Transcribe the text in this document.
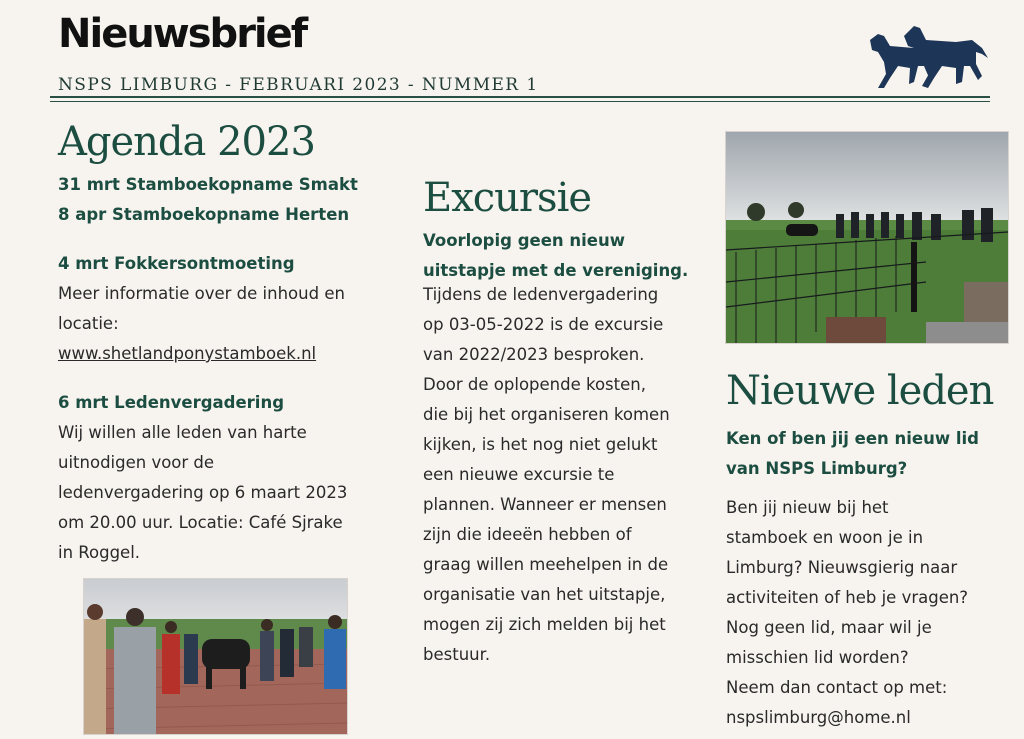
Nieuwsbrief
NSPS LIMBURG - FEBRUARI 2023 - NUMMER 1
Agenda 2023
31 mrt Stamboekopname Smakt
8 apr Stamboekopname Herten
4 mrt Fokkersontmoeting
Meer informatie over de inhoud en
locatie:
www.shetlandponystamboek.nl
6 mrt Ledenvergadering
Wij willen alle leden van harte
uitnodigen voor de
ledenvergadering op 6 maart 2023
om 20.00 uur. Locatie: Café Sjrake
in Roggel.
Excursie
Voorlopig geen nieuw
uitstapje met de vereniging.
Tijdens de ledenvergadering
op 03-05-2022 is de excursie
van 2022/2023 besproken.
Door de oplopende kosten,
die bij het organiseren komen
kijken, is het nog niet gelukt
een nieuwe excursie te
plannen. Wanneer er mensen
zijn die ideeën hebben of
graag willen meehelpen in de
organisatie van het uitstapje,
mogen zij zich melden bij het
bestuur.
Nieuwe leden
Ken of ben jij een nieuw lid
van NSPS Limburg?
Ben jij nieuw bij het
stamboek en woon je in
Limburg? Nieuwsgierig naar
activiteiten of heb je vragen?
Nog geen lid, maar wil je
misschien lid worden?
Neem dan contact op met:
nspslimburg@home.nl
